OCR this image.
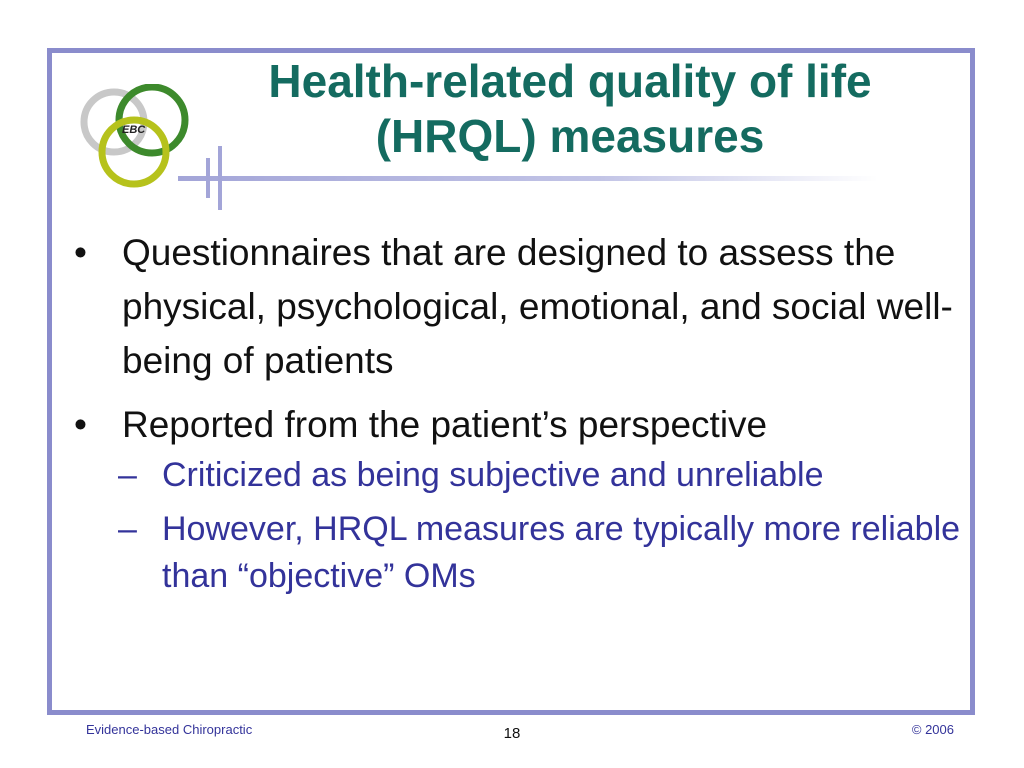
EBC
Health-related quality of life
(HRQL) measures
• Questionnaires that are designed to assess the physical, psychological, emotional, and social well-being of patients
• Reported from the patient’s perspective
– Criticized as being subjective and unreliable
– However, HRQL measures are typically more reliable than “objective” OMs
Evidence-based Chiropractic	18	© 2006
